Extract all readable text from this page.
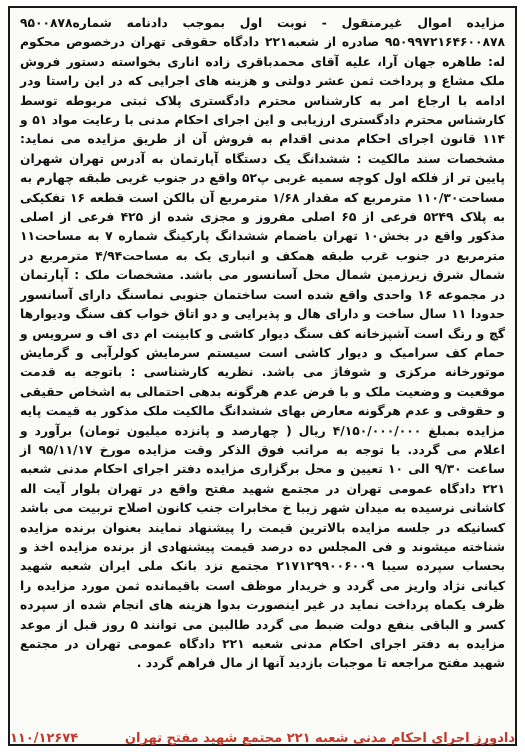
مزایده اموال غیرمنقول - نوبت اول بموجب دادنامه شماره۹۵۰۰۸۷۸ ۹۵۰۹۹۷۲۱۶۴۶۰۰۸۷۸ صادره از شعبه۲۲۱ دادگاه حقوقی تهران درخصوص محکوم له: طاهره جهان آرا، علیه آقای محمدباقری زاده اناری بخواسته دستور فروش ملک مشاع و پرداخت ثمن عشر دولتی و هزینه های اجرایی که در این راستا ودر ادامه با ارجاع امر به کارشناس محترم دادگستری پلاک ثبتی مربوطه توسط کارشناس محترم دادگستری ارزیابی و این اجرای احکام مدنی با رعایت مواد ۵۱ و ۱۱۴ قانون اجرای احکام مدنی اقدام به فروش آن از طریق مزایده می نماید: مشخصات سند مالکیت : ششدانگ یک دستگاه آپارتمان به آدرس تهران شهران پایین تر از فلکه اول کوچه سمیه غربی پ۵۲ واقع در جنوب غربی طبقه چهارم به مساحت۱۱۰/۳۰ مترمربع که مقدار ۱/۶۸ مترمربع آن بالکن است قطعه ۱۶ تفکیکی به پلاک ۵۲۴۹ فرعی از ۶۵ اصلی مفروز و مجزی شده از ۴۲۵ فرعی از اصلی مذکور واقع در بخش۱۰ تهران باضمام ششدانگ پارکینگ شماره ۷ به مساحت۱۱ مترمربع در جنوب غرب طبقه همکف و انباری یک به مساحت۴/۹۴ مترمربع در شمال شرق زیرزمین شمال محل آسانسور می باشد. مشخصات ملک : آپارتمان در مجموعه ۱۶ واحدی واقع شده است ساختمان جنوبی نماسنگ دارای آسانسور حدودا ۱۱ سال ساخت و دارای هال و پذیرایی و دو اتاق خواب کف سنگ وديوارها گچ و رنگ است آشپزخانه کف سنگ دیوار کاشی و کابینت ام دی اف و سرویس و حمام کف سرامیک و دیوار کاشی است سیستم سرمایش کولرآبی و گرمایش موتورخانه مرکزی و شوفاژ می باشد. نظریه کارشناسی : باتوجه به قدمت موقعیت و وضعیت ملک و با فرض عدم هرگونه بدهی احتمالی به اشخاص حقیقی و حقوقی و عدم هرگونه معارض بهای ششدانگ مالکیت ملک مذکور به قیمت پایه مزایده بمبلغ ۴/۱۵۰/۰۰۰/۰۰۰ ریال ( چهارصد و پانزده میلیون تومان) برآورد و اعلام می گردد. با توجه به مراتب فوق الذکر وقت مزایده مورخ ۹۵/۱۱/۱۷ از ساعت ۹/۳۰ الی ۱۰ تعیین و محل برگزاری مزایده دفتر اجرای احکام مدنی شعبه ۲۲۱ دادگاه عمومی تهران در مجتمع شهید مفتح واقع در تهران بلوار آیت اله کاشانی نرسیده به میدان شهر زیبا خ مخابرات جنب کانون اصلاح تربیت می باشد کسانیکه در جلسه مزایده بالاترین قیمت را پیشنهاد نمایند بعنوان برنده مزایده شناخته میشوند و فی المجلس ده درصد قیمت پیشنهادی از برنده مزایده اخذ و بحساب سپرده سیبا ۲۱۷۱۲۹۹۰۰۶۰۰۹ مجتمع نزد بانک ملی ایران شعبه شهید کیانی نژاد واریز می گردد و خریدار موظف است باقیمانده ثمن مورد مزایده را ظرف یکماه پرداخت نماید در غیر اینصورت بدوا هزینه های انجام شده از سپرده کسر و الباقی بنفع دولت ضبط می گردد طالبین می توانند ۵ روز قبل از موعد مزایده به دفتر اجرای احکام مدنی شعبه ۲۲۱ دادگاه عمومی تهران در مجتمع شهید مفتح مراجعه تا موجبات بازدید آنها از مال فراهم گردد .

دادورز اجرای احکام مدنی شعبه ۲۲۱ مجتمع شهید مفتح تهران
۱۱۰/۱۲۶۷۴
